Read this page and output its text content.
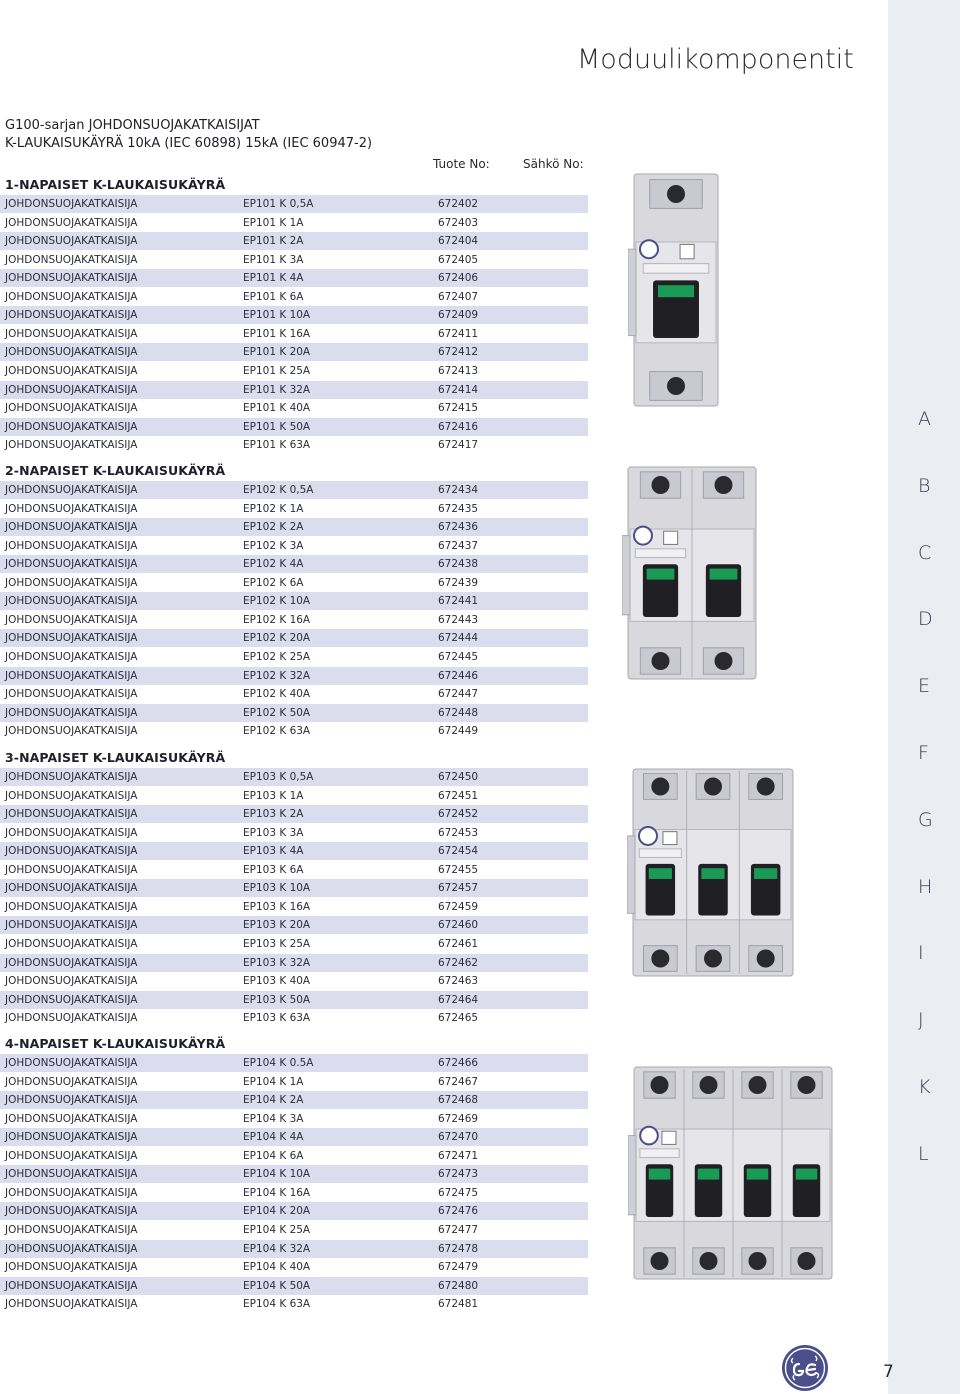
Moduulikomponentit
G100-sarjan JOHDONSUOJAKATKAISIJAT
K-LAUKAISUKÄYRÄ 10kA (IEC 60898) 15kA (IEC 60947-2)
Tuote No:	Sähkö No:
1-NAPAISET K-LAUKAISUKÄYRÄ
JOHDONSUOJAKATKAISIJA	EP101 K 0,5A	672402
JOHDONSUOJAKATKAISIJA	EP101 K 1A	672403
JOHDONSUOJAKATKAISIJA	EP101 K 2A	672404
JOHDONSUOJAKATKAISIJA	EP101 K 3A	672405
JOHDONSUOJAKATKAISIJA	EP101 K 4A	672406
JOHDONSUOJAKATKAISIJA	EP101 K 6A	672407
JOHDONSUOJAKATKAISIJA	EP101 K 10A	672409
JOHDONSUOJAKATKAISIJA	EP101 K 16A	672411
JOHDONSUOJAKATKAISIJA	EP101 K 20A	672412
JOHDONSUOJAKATKAISIJA	EP101 K 25A	672413
JOHDONSUOJAKATKAISIJA	EP101 K 32A	672414
JOHDONSUOJAKATKAISIJA	EP101 K 40A	672415
JOHDONSUOJAKATKAISIJA	EP101 K 50A	672416
JOHDONSUOJAKATKAISIJA	EP101 K 63A	672417
2-NAPAISET K-LAUKAISUKÄYRÄ
JOHDONSUOJAKATKAISIJA	EP102 K 0,5A	672434
JOHDONSUOJAKATKAISIJA	EP102 K 1A	672435
JOHDONSUOJAKATKAISIJA	EP102 K 2A	672436
JOHDONSUOJAKATKAISIJA	EP102 K 3A	672437
JOHDONSUOJAKATKAISIJA	EP102 K 4A	672438
JOHDONSUOJAKATKAISIJA	EP102 K 6A	672439
JOHDONSUOJAKATKAISIJA	EP102 K 10A	672441
JOHDONSUOJAKATKAISIJA	EP102 K 16A	672443
JOHDONSUOJAKATKAISIJA	EP102 K 20A	672444
JOHDONSUOJAKATKAISIJA	EP102 K 25A	672445
JOHDONSUOJAKATKAISIJA	EP102 K 32A	672446
JOHDONSUOJAKATKAISIJA	EP102 K 40A	672447
JOHDONSUOJAKATKAISIJA	EP102 K 50A	672448
JOHDONSUOJAKATKAISIJA	EP102 K 63A	672449
3-NAPAISET K-LAUKAISUKÄYRÄ
JOHDONSUOJAKATKAISIJA	EP103 K 0,5A	672450
JOHDONSUOJAKATKAISIJA	EP103 K 1A	672451
JOHDONSUOJAKATKAISIJA	EP103 K 2A	672452
JOHDONSUOJAKATKAISIJA	EP103 K 3A	672453
JOHDONSUOJAKATKAISIJA	EP103 K 4A	672454
JOHDONSUOJAKATKAISIJA	EP103 K 6A	672455
JOHDONSUOJAKATKAISIJA	EP103 K 10A	672457
JOHDONSUOJAKATKAISIJA	EP103 K 16A	672459
JOHDONSUOJAKATKAISIJA	EP103 K 20A	672460
JOHDONSUOJAKATKAISIJA	EP103 K 25A	672461
JOHDONSUOJAKATKAISIJA	EP103 K 32A	672462
JOHDONSUOJAKATKAISIJA	EP103 K 40A	672463
JOHDONSUOJAKATKAISIJA	EP103 K 50A	672464
JOHDONSUOJAKATKAISIJA	EP103 K 63A	672465
4-NAPAISET K-LAUKAISUKÄYRÄ
JOHDONSUOJAKATKAISIJA	EP104 K 0.5A	672466
JOHDONSUOJAKATKAISIJA	EP104 K 1A	672467
JOHDONSUOJAKATKAISIJA	EP104 K 2A	672468
JOHDONSUOJAKATKAISIJA	EP104 K 3A	672469
JOHDONSUOJAKATKAISIJA	EP104 K 4A	672470
JOHDONSUOJAKATKAISIJA	EP104 K 6A	672471
JOHDONSUOJAKATKAISIJA	EP104 K 10A	672473
JOHDONSUOJAKATKAISIJA	EP104 K 16A	672475
JOHDONSUOJAKATKAISIJA	EP104 K 20A	672476
JOHDONSUOJAKATKAISIJA	EP104 K 25A	672477
JOHDONSUOJAKATKAISIJA	EP104 K 32A	672478
JOHDONSUOJAKATKAISIJA	EP104 K 40A	672479
JOHDONSUOJAKATKAISIJA	EP104 K 50A	672480
JOHDONSUOJAKATKAISIJA	EP104 K 63A	672481
A
B
C
D
E
F
G
H
I
J
K
L
7
